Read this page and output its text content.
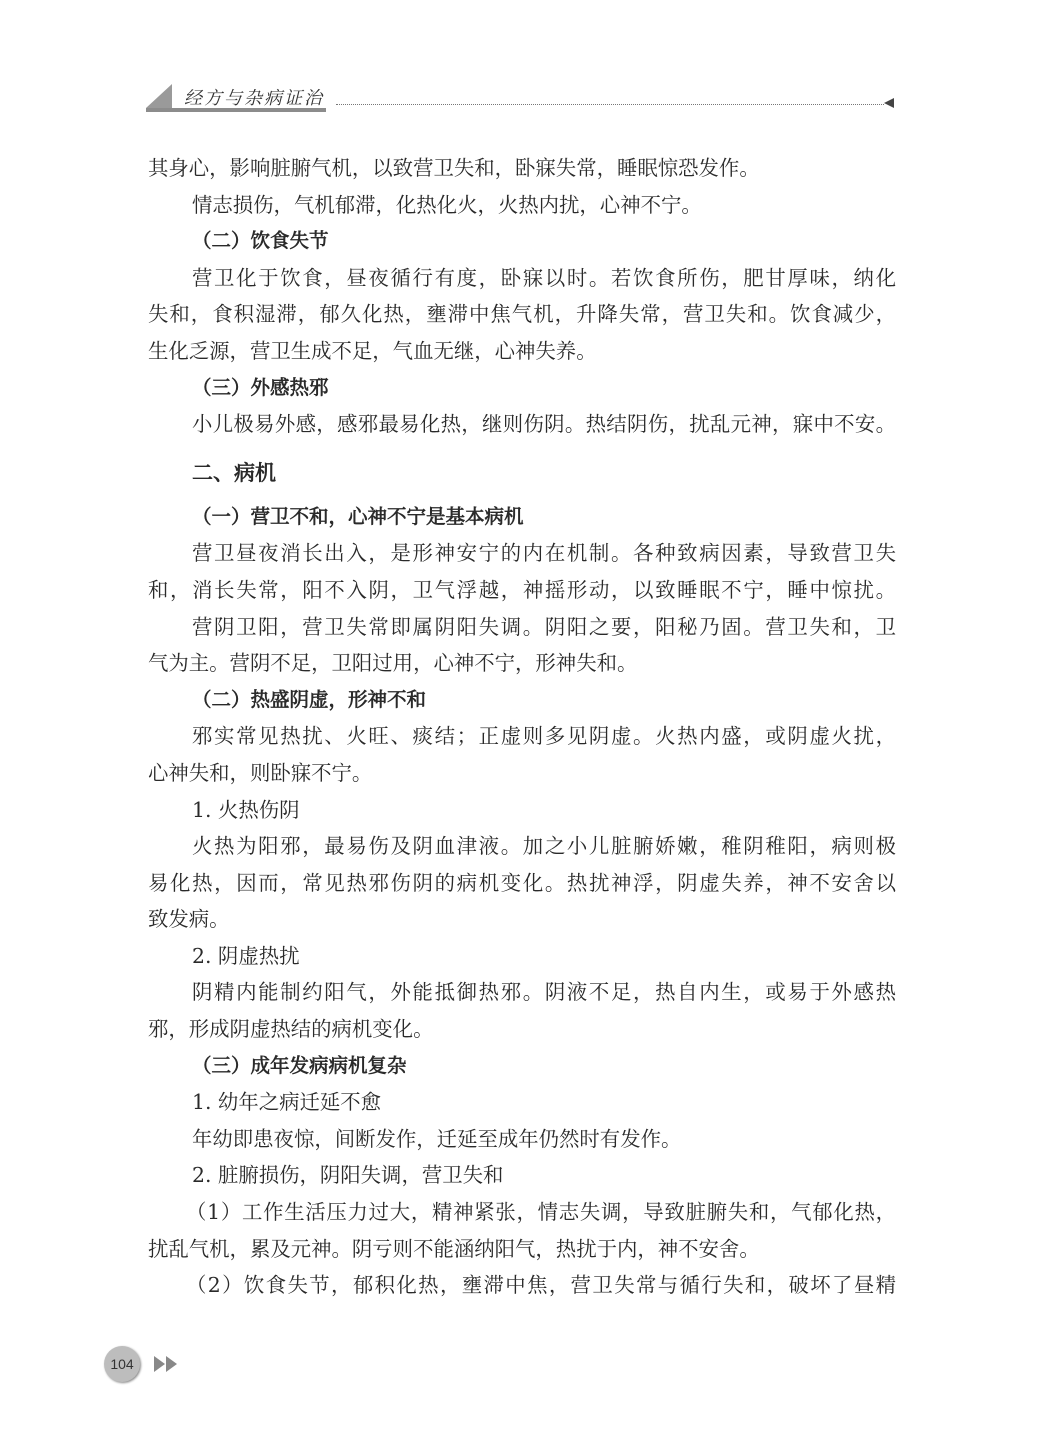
经方与杂病证治
其身心，影响脏腑气机，以致营卫失和，卧寐失常，睡眠惊恐发作。
情志损伤，气机郁滞，化热化火，火热内扰，心神不宁。
（二）饮食失节
营卫化于饮食，昼夜循行有度，卧寐以时。若饮食所伤，肥甘厚味，纳化
失和，食积湿滞，郁久化热，壅滞中焦气机，升降失常，营卫失和。饮食减少，
生化乏源，营卫生成不足，气血无继，心神失养。
（三）外感热邪
小儿极易外感，感邪最易化热，继则伤阴。热结阴伤，扰乱元神，寐中不安。
二、病机
（一）营卫不和，心神不宁是基本病机
营卫昼夜消长出入，是形神安宁的内在机制。各种致病因素，导致营卫失
和，消长失常，阳不入阴，卫气浮越，神摇形动，以致睡眠不宁，睡中惊扰。
营阴卫阳，营卫失常即属阴阳失调。阴阳之要，阳秘乃固。营卫失和，卫
气为主。营阴不足，卫阳过用，心神不宁，形神失和。
（二）热盛阴虚，形神不和
邪实常见热扰、火旺、痰结；正虚则多见阴虚。火热内盛，或阴虚火扰，
心神失和，则卧寐不宁。
1. 火热伤阴
火热为阳邪，最易伤及阴血津液。加之小儿脏腑娇嫩，稚阴稚阳，病则极
易化热，因而，常见热邪伤阴的病机变化。热扰神浮，阴虚失养，神不安舍以
致发病。
2. 阴虚热扰
阴精内能制约阳气，外能抵御热邪。阴液不足，热自内生，或易于外感热
邪，形成阴虚热结的病机变化。
（三）成年发病病机复杂
1. 幼年之病迁延不愈
年幼即患夜惊，间断发作，迁延至成年仍然时有发作。
2. 脏腑损伤，阴阳失调，营卫失和
（1）工作生活压力过大，精神紧张，情志失调，导致脏腑失和，气郁化热，
扰乱气机，累及元神。阴亏则不能涵纳阳气，热扰于内，神不安舍。
（2）饮食失节，郁积化热，壅滞中焦，营卫失常与循行失和，破坏了昼精
104
